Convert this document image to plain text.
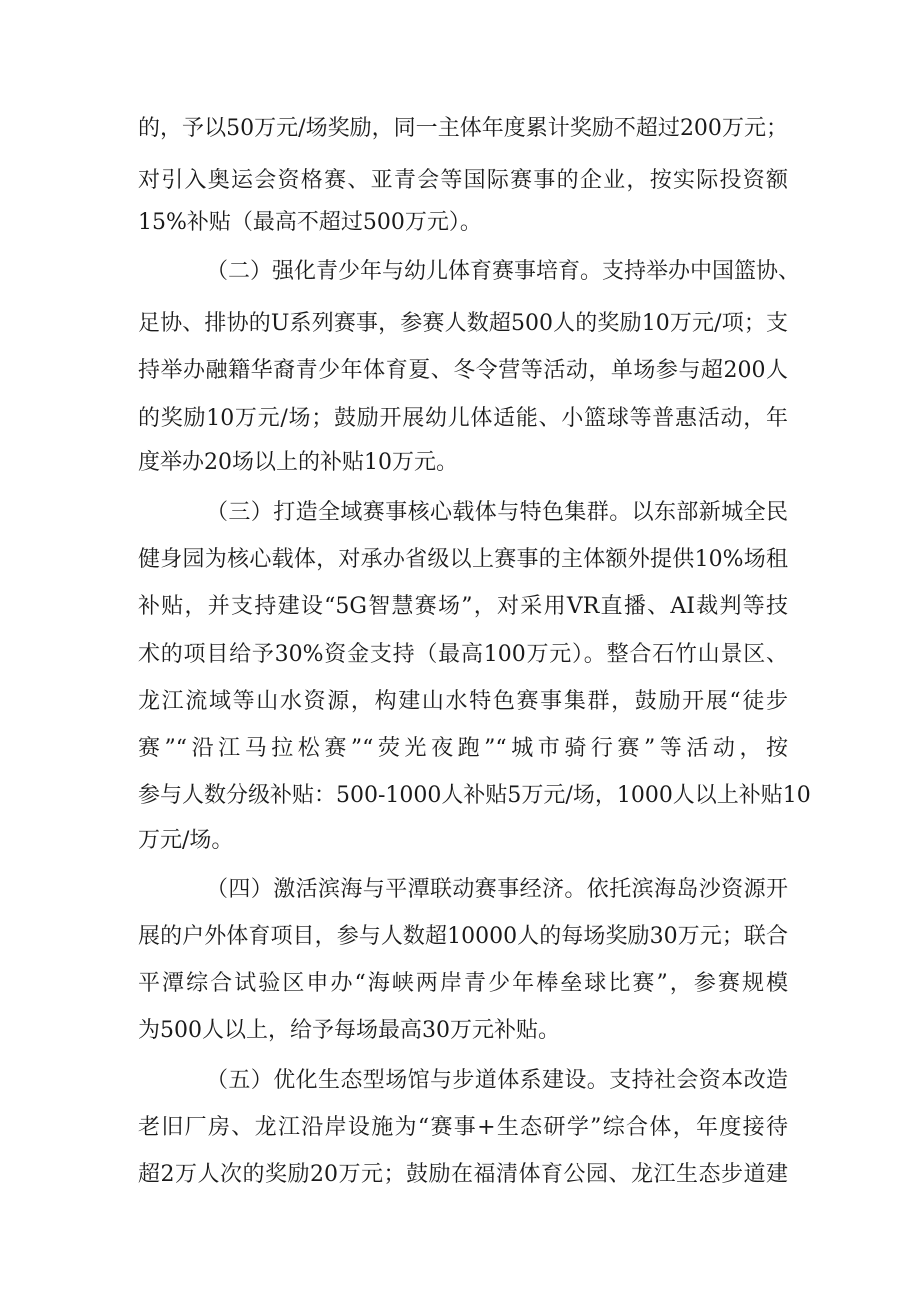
的，予以50万元/场奖励，同一主体年度累计奖励不超过200万元；
对引入奥运会资格赛、亚青会等国际赛事的企业，按实际投资额
15%补贴（最高不超过500万元）。
（二）强化青少年与幼儿体育赛事培育。支持举办中国篮协、
足协、排协的U系列赛事，参赛人数超500人的奖励10万元/项；支
持举办融籍华裔青少年体育夏、冬令营等活动，单场参与超200人
的奖励10万元/场；鼓励开展幼儿体适能、小篮球等普惠活动，年
度举办20场以上的补贴10万元。
（三）打造全域赛事核心载体与特色集群。以东部新城全民
健身园为核心载体，对承办省级以上赛事的主体额外提供10%场租
补贴，并支持建设“5G智慧赛场”，对采用VR直播、AI裁判等技
术的项目给予30%资金支持（最高100万元）。整合石竹山景区、
龙江流域等山水资源，构建山水特色赛事集群，鼓励开展“徒步
赛”“沿江马拉松赛”“荧光夜跑”“城市骑行赛”等活动，按
参与人数分级补贴：500-1000人补贴5万元/场，1000人以上补贴10
万元/场。
（四）激活滨海与平潭联动赛事经济。依托滨海岛沙资源开
展的户外体育项目，参与人数超10000人的每场奖励30万元；联合
平潭综合试验区申办“海峡两岸青少年棒垒球比赛”，参赛规模
为500人以上，给予每场最高30万元补贴。
（五）优化生态型场馆与步道体系建设。支持社会资本改造
老旧厂房、龙江沿岸设施为“赛事+生态研学”综合体，年度接待
超2万人次的奖励20万元；鼓励在福清体育公园、龙江生态步道建
